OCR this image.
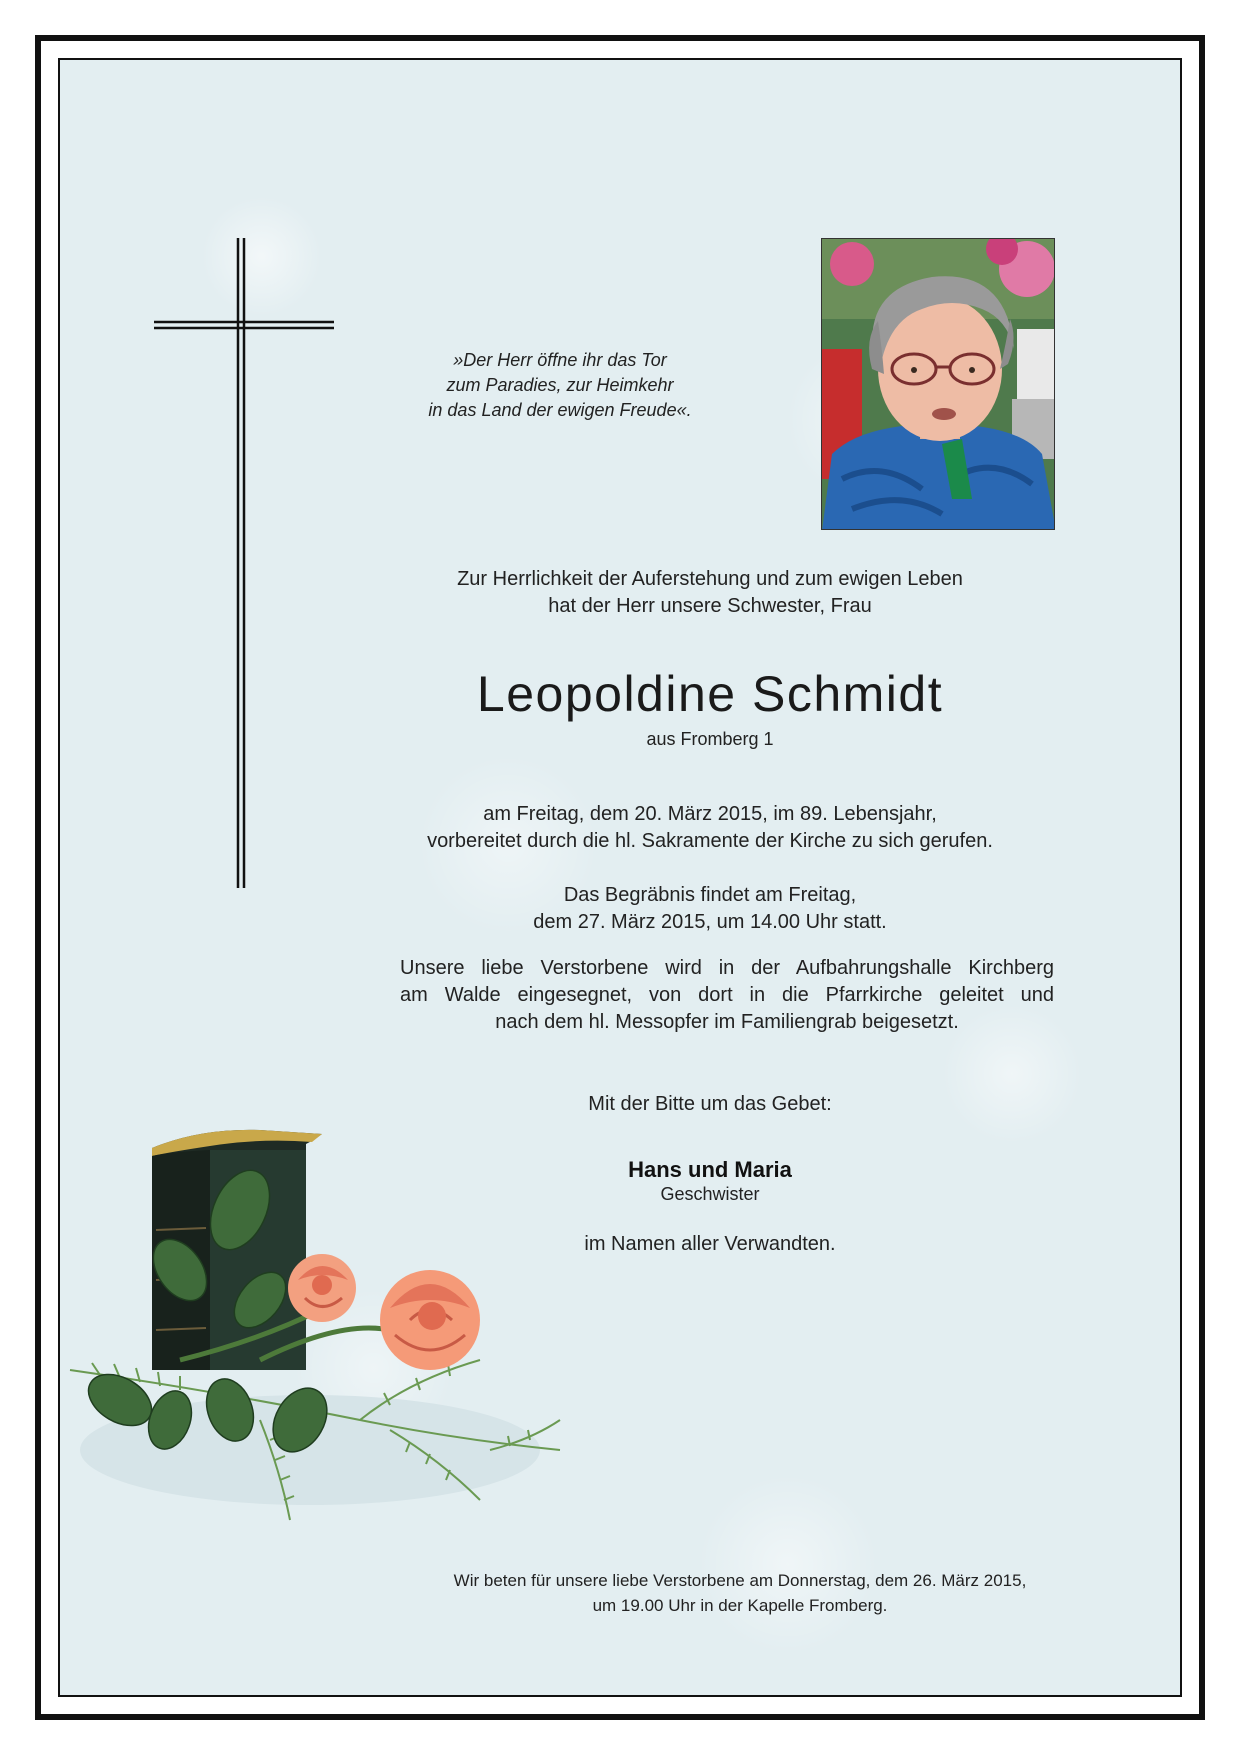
»Der Herr öffne ihr das Tor
zum Paradies, zur Heimkehr
in das Land der ewigen Freude«.
Zur Herrlichkeit der Auferstehung und zum ewigen Leben
hat der Herr unsere Schwester, Frau
Leopoldine Schmidt
aus Fromberg 1
am Freitag, dem 20. März 2015, im 89. Lebensjahr,
vorbereitet durch die hl. Sakramente der Kirche zu sich gerufen.
Das Begräbnis findet am Freitag,
dem 27. März 2015, um 14.00 Uhr statt.
Unsere liebe Verstorbene wird in der Aufbahrungshalle Kirchberg
am Walde eingesegnet, von dort in die Pfarrkirche geleitet und
nach dem hl. Messopfer im Familiengrab beigesetzt.
Mit der Bitte um das Gebet:
Hans und Maria
Geschwister
im Namen aller Verwandten.
Wir beten für unsere liebe Verstorbene am Donnerstag, dem 26. März 2015,
um 19.00 Uhr in der Kapelle Fromberg.
